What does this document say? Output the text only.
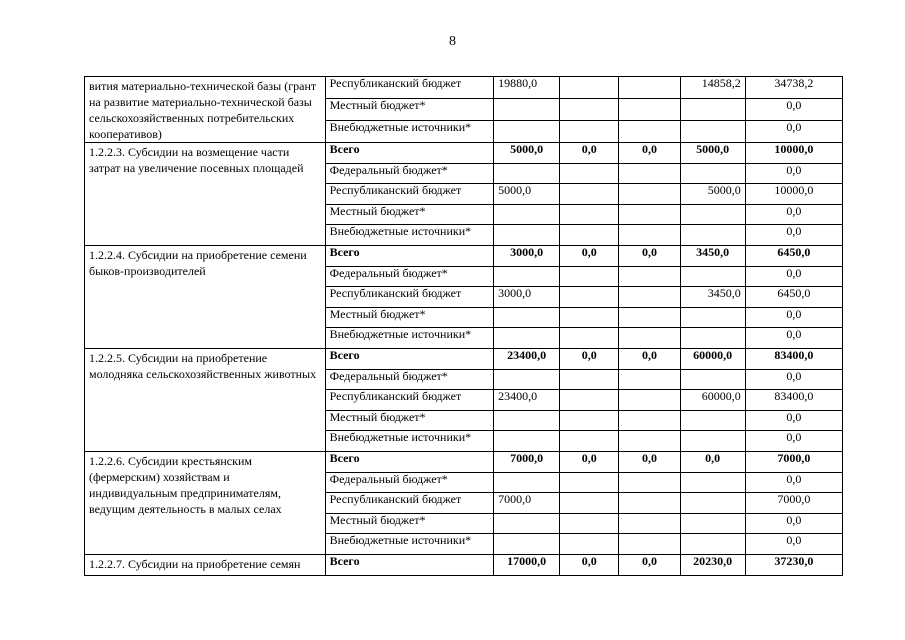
8
вития материально-технической базы (грант на развитие материально-технической базы сельскохозяйственных потребительских кооперативов)	Республиканский бюджет	19880,0			14858,2	34738,2
	Местный бюджет*					0,0
	Внебюджетные источники*					0,0
1.2.2.3. Субсидии на возмещение части затрат на увеличение посевных площадей	Всего	5000,0	0,0	0,0	5000,0	10000,0
	Федеральный бюджет*					0,0
	Республиканский бюджет	5000,0			5000,0	10000,0
	Местный бюджет*					0,0
	Внебюджетные источники*					0,0
1.2.2.4. Субсидии на приобретение семени быков-производителей	Всего	3000,0	0,0	0,0	3450,0	6450,0
	Федеральный бюджет*					0,0
	Республиканский бюджет	3000,0			3450,0	6450,0
	Местный бюджет*					0,0
	Внебюджетные источники*					0,0
1.2.2.5. Субсидии на приобретение молодняка сельскохозяйственных животных	Всего	23400,0	0,0	0,0	60000,0	83400,0
	Федеральный бюджет*					0,0
	Республиканский бюджет	23400,0			60000,0	83400,0
	Местный бюджет*					0,0
	Внебюджетные источники*					0,0
1.2.2.6. Субсидии крестьянским (фермерским) хозяйствам и индивидуальным предпринимателям, ведущим деятельность в малых селах	Всего	7000,0	0,0	0,0	0,0	7000,0
	Федеральный бюджет*					0,0
	Республиканский бюджет	7000,0				7000,0
	Местный бюджет*					0,0
	Внебюджетные источники*					0,0
1.2.2.7. Субсидии на приобретение семян	Всего	17000,0	0,0	0,0	20230,0	37230,0
